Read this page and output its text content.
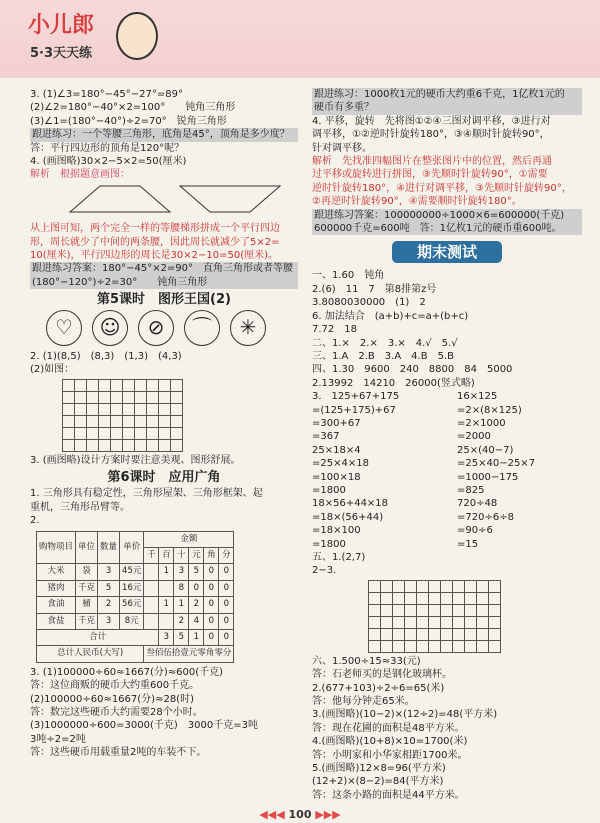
小儿郎
5·3天天练
3. (1)∠3=180°−45°−27°=89°
(2)∠2=180°−40°×2=100°　　钝角三角形
(3)∠1=(180°−40°)÷2=70°　锐角三角形
跟进练习：一个等腰三角形，底角是45°，顶角是多少度？
答：平行四边形的顶角是120°呢？
4. (画图略)30×2−5×2=50(厘米)
解析　根据题意画图：
从上图可知，两个完全一样的等腰梯形拼成一个平行四边
形，周长就少了中间的两条腰，因此周长就减少了5×2=
10(厘米)，平行四边形的周长是30×2−10=50(厘米)。
跟进练习答案：180°−45°×2=90°　直角三角形或者等腰
(180°−120°)÷2=30°　　钝角三角形
第5课时　图形王国(2)
♡	☺	⊘	⌒	✳
2. (1)(8,5)　(8,3)　(1,3)　(4,3)
(2)如图：
3. (画图略)设计方案时要注意美观、图形舒展。
第6课时　应用广角
1. 三角形具有稳定性，三角形屋架、三角形框架、起
重机，三角形吊臂等。
2.
购物项目	单位	数量	单价	金额					
				千	百	十	元	角	分
大米	袋	3	45元		1	3	5	0	0
猪肉	千克	5	16元			8	0	0	0
食油	桶	2	56元		1	1	2	0	0
食盐	千克	3	8元			2	4	0	0
合计					3	5	1	0	0
总计人民币(大写)				叁佰伍拾壹元零角零分					
3. (1)100000÷60≈1667(分)≈600(千克)
答：这位商贩的硬币大约重600千克。
(2)100000÷60≈1667(分)≈28(时)
答：数完这些硬币大约需要28个小时。
(3)1000000÷600=3000(千克)　3000千克=3吨
3吨÷2=2吨
答：这些硬币用载重量2吨的车装不下。
跟进练习：1000枚1元的硬币大约重6千克，1亿枚1元的
硬币有多重？
4. 平移，旋转　先将图①②④三图对调平移，③进行对
调平移，①②逆时针旋转180°，③④顺时针旋转90°，
针对调平移。
解析　先找准四幅图片在整张图片中的位置，然后再通
过平移或旋转进行拼图，③先顺时针旋转90°，①需要
逆时针旋转180°，④进行对调平移，③先顺时针旋转90°，
②再逆时针旋转90°，④需要顺时针旋转180°。
跟进练习答案：100000000÷1000×6=600000(千克)
600000千克=600吨　答：1亿枚1元的硬币重600吨。
期末测试
一、1.60　钝角
2.(6)　11　7　第8排第z号
3.8080030000　(1)　2
6. 加法结合　(a+b)+c=a+(b+c)
7.72　18
二、1.×　2.×　3.×　4.√　5.√
三、1.A　2.B　3.A　4.B　5.B
四、1.30　9600　240　8800　84　5000
2.13992　14210　26000(竖式略)
3.　125+67+175
=(125+175)+67
=300+67
=367
25×18×4
=25×4×18
=100×18
=1800
18×56+44×18
=18×(56+44)
=18×100
=1800
16×125
=2×(8×125)
=2×1000
=2000
25×(40−7)
=25×40−25×7
=1000−175
=825
720÷48
=720÷6÷8
=90÷6
=15
五、1.(2,7)
2−3.
六、1.500÷15≈33(元)
答：石老师买的是钢化玻璃杯。
2.(677+103)÷2÷6=65(米)
答：他每分钟走65米。
3.(画图略)(10−2)×(12÷2)=48(平方米)
答：现在花圃的面积是48平方米。
4.(画图略)(10+8)×10=1700(米)
答：小明家和小华家相距1700米。
5.(画图略)12×8=96(平方米)
(12+2)×(8−2)=84(平方米)
答：这条小路的面积是44平方米。
◀◀◀ 100 ▶▶▶
